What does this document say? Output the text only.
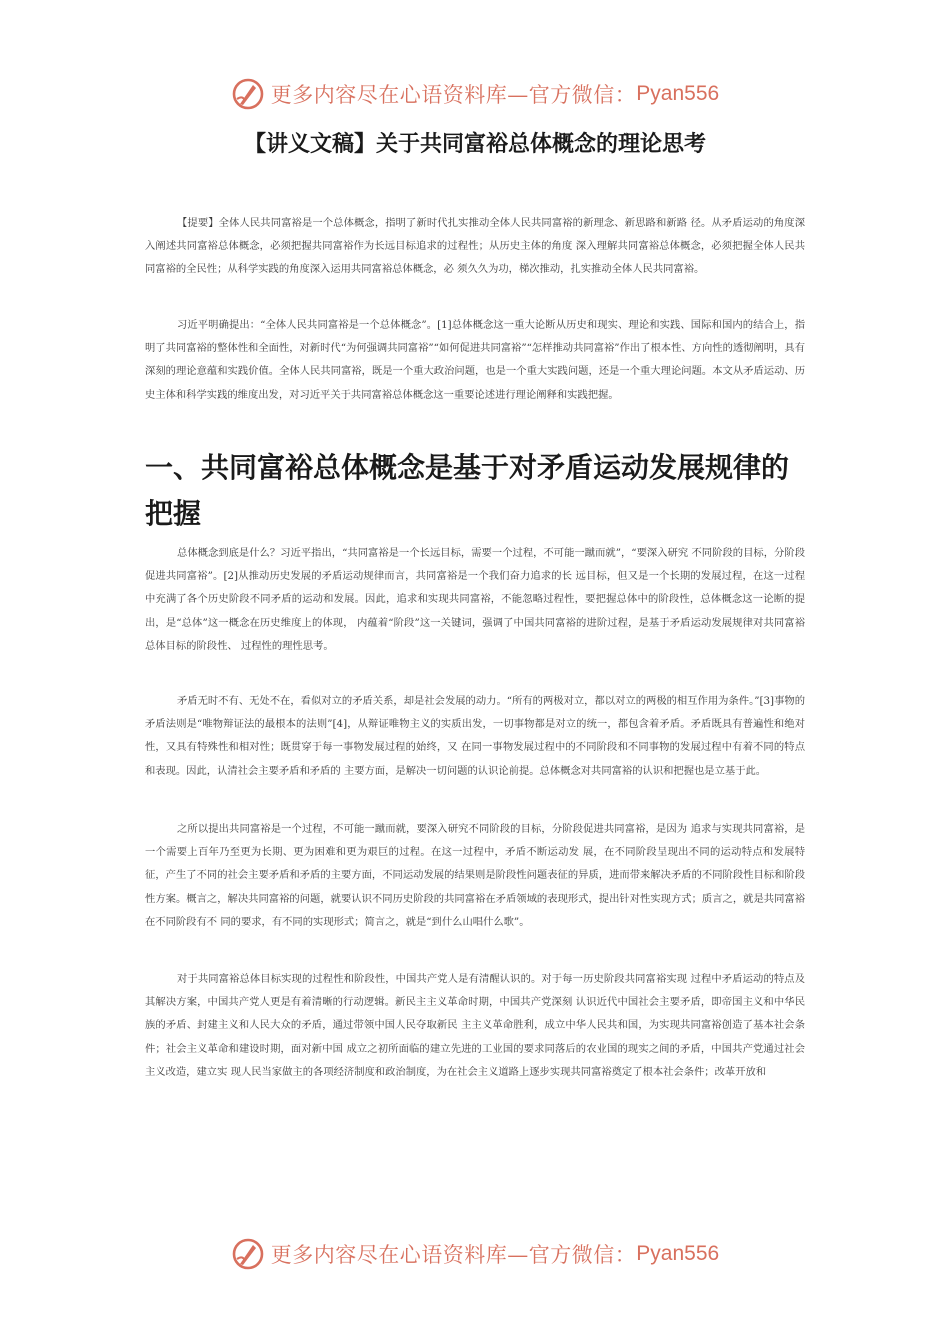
更多内容尽在心语资料库—官方微信： Pyan556
【讲义文稿】关于共同富裕总体概念的理论思考

【提要】全体人民共同富裕是一个总体概念，指明了新时代扎实推动全体人民共同富裕的新理念、新思路和新路 径。从矛盾运动的角度深入阐述共同富裕总体概念，必须把握共同富裕作为长远目标追求的过程性；从历史主体的角度 深入理解共同富裕总体概念，必须把握全体人民共同富裕的全民性；从科学实践的角度深入运用共同富裕总体概念，必 须久久为功，梯次推动，扎实推动全体人民共同富裕。

习近平明确提出：“全体人民共同富裕是一个总体概念”。[1]总体概念这一重大论断从历史和现实、理论和实践、国际和国内的结合上，指明了共同富裕的整体性和全面性，对新时代“为何强调共同富裕”“如何促进共同富裕”“怎样推动共同富裕”作出了根本性、方向性的透彻阐明，具有深刻的理论意蕴和实践价值。全体人民共同富裕，既是一个重大政治问题，也是一个重大实践问题，还是一个重大理论问题。本文从矛盾运动、历史主体和科学实践的维度出发，对习近平关于共同富裕总体概念这一重要论述进行理论阐释和实践把握。

一、共同富裕总体概念是基于对矛盾运动发展规律的把握

总体概念到底是什么？习近平指出，“共同富裕是一个长远目标，需要一个过程，不可能一蹴而就”，“要深入研究 不同阶段的目标，分阶段促进共同富裕”。[2]从推动历史发展的矛盾运动规律而言，共同富裕是一个我们奋力追求的长 远目标，但又是一个长期的发展过程，在这一过程中充满了各个历史阶段不同矛盾的运动和发展。因此，追求和实现共同富裕，不能忽略过程性，要把握总体中的阶段性，总体概念这一论断的提出，是“总体”这一概念在历史维度上的体现， 内蕴着“阶段”这一关键词，强调了中国共同富裕的进阶过程，是基于矛盾运动发展规律对共同富裕总体目标的阶段性、 过程性的理性思考。

矛盾无时不有、无处不在，看似对立的矛盾关系，却是社会发展的动力。“所有的两极对立，都以对立的两极的相互作用为条件。”[3]事物的矛盾法则是“唯物辩证法的最根本的法则”[4]，从辩证唯物主义的实质出发，一切事物都是对立的统一，都包含着矛盾。矛盾既具有普遍性和绝对性，又具有特殊性和相对性；既贯穿于每一事物发展过程的始终，又 在同一事物发展过程中的不同阶段和不同事物的发展过程中有着不同的特点和表现。因此，认清社会主要矛盾和矛盾的 主要方面，是解决一切问题的认识论前提。总体概念对共同富裕的认识和把握也是立基于此。

之所以提出共同富裕是一个过程，不可能一蹴而就，要深入研究不同阶段的目标，分阶段促进共同富裕，是因为 追求与实现共同富裕，是一个需要上百年乃至更为长期、更为困难和更为艰巨的过程。在这一过程中，矛盾不断运动发 展，在不同阶段呈现出不同的运动特点和发展特征，产生了不同的社会主要矛盾和矛盾的主要方面，不同运动发展的结果则是阶段性问题表征的异质，进而带来解决矛盾的不同阶段性目标和阶段性方案。概言之，解决共同富裕的问题，就要认识不同历史阶段的共同富裕在矛盾领域的表现形式，提出针对性实现方式；质言之，就是共同富裕在不同阶段有不 同的要求，有不同的实现形式；简言之，就是“到什么山唱什么歌”。

对于共同富裕总体目标实现的过程性和阶段性，中国共产党人是有清醒认识的。对于每一历史阶段共同富裕实现 过程中矛盾运动的特点及其解决方案，中国共产党人更是有着清晰的行动逻辑。新民主主义革命时期，中国共产党深刻 认识近代中国社会主要矛盾，即帝国主义和中华民族的矛盾、封建主义和人民大众的矛盾，通过带领中国人民夺取新民 主主义革命胜利，成立中华人民共和国，为实现共同富裕创造了基本社会条件；社会主义革命和建设时期，面对新中国 成立之初所面临的建立先进的工业国的要求同落后的农业国的现实之间的矛盾，中国共产党通过社会主义改造，建立实 现人民当家做主的各项经济制度和政治制度，为在社会主义道路上逐步实现共同富裕奠定了根本社会条件；改革开放和

更多内容尽在心语资料库—官方微信： Pyan556
